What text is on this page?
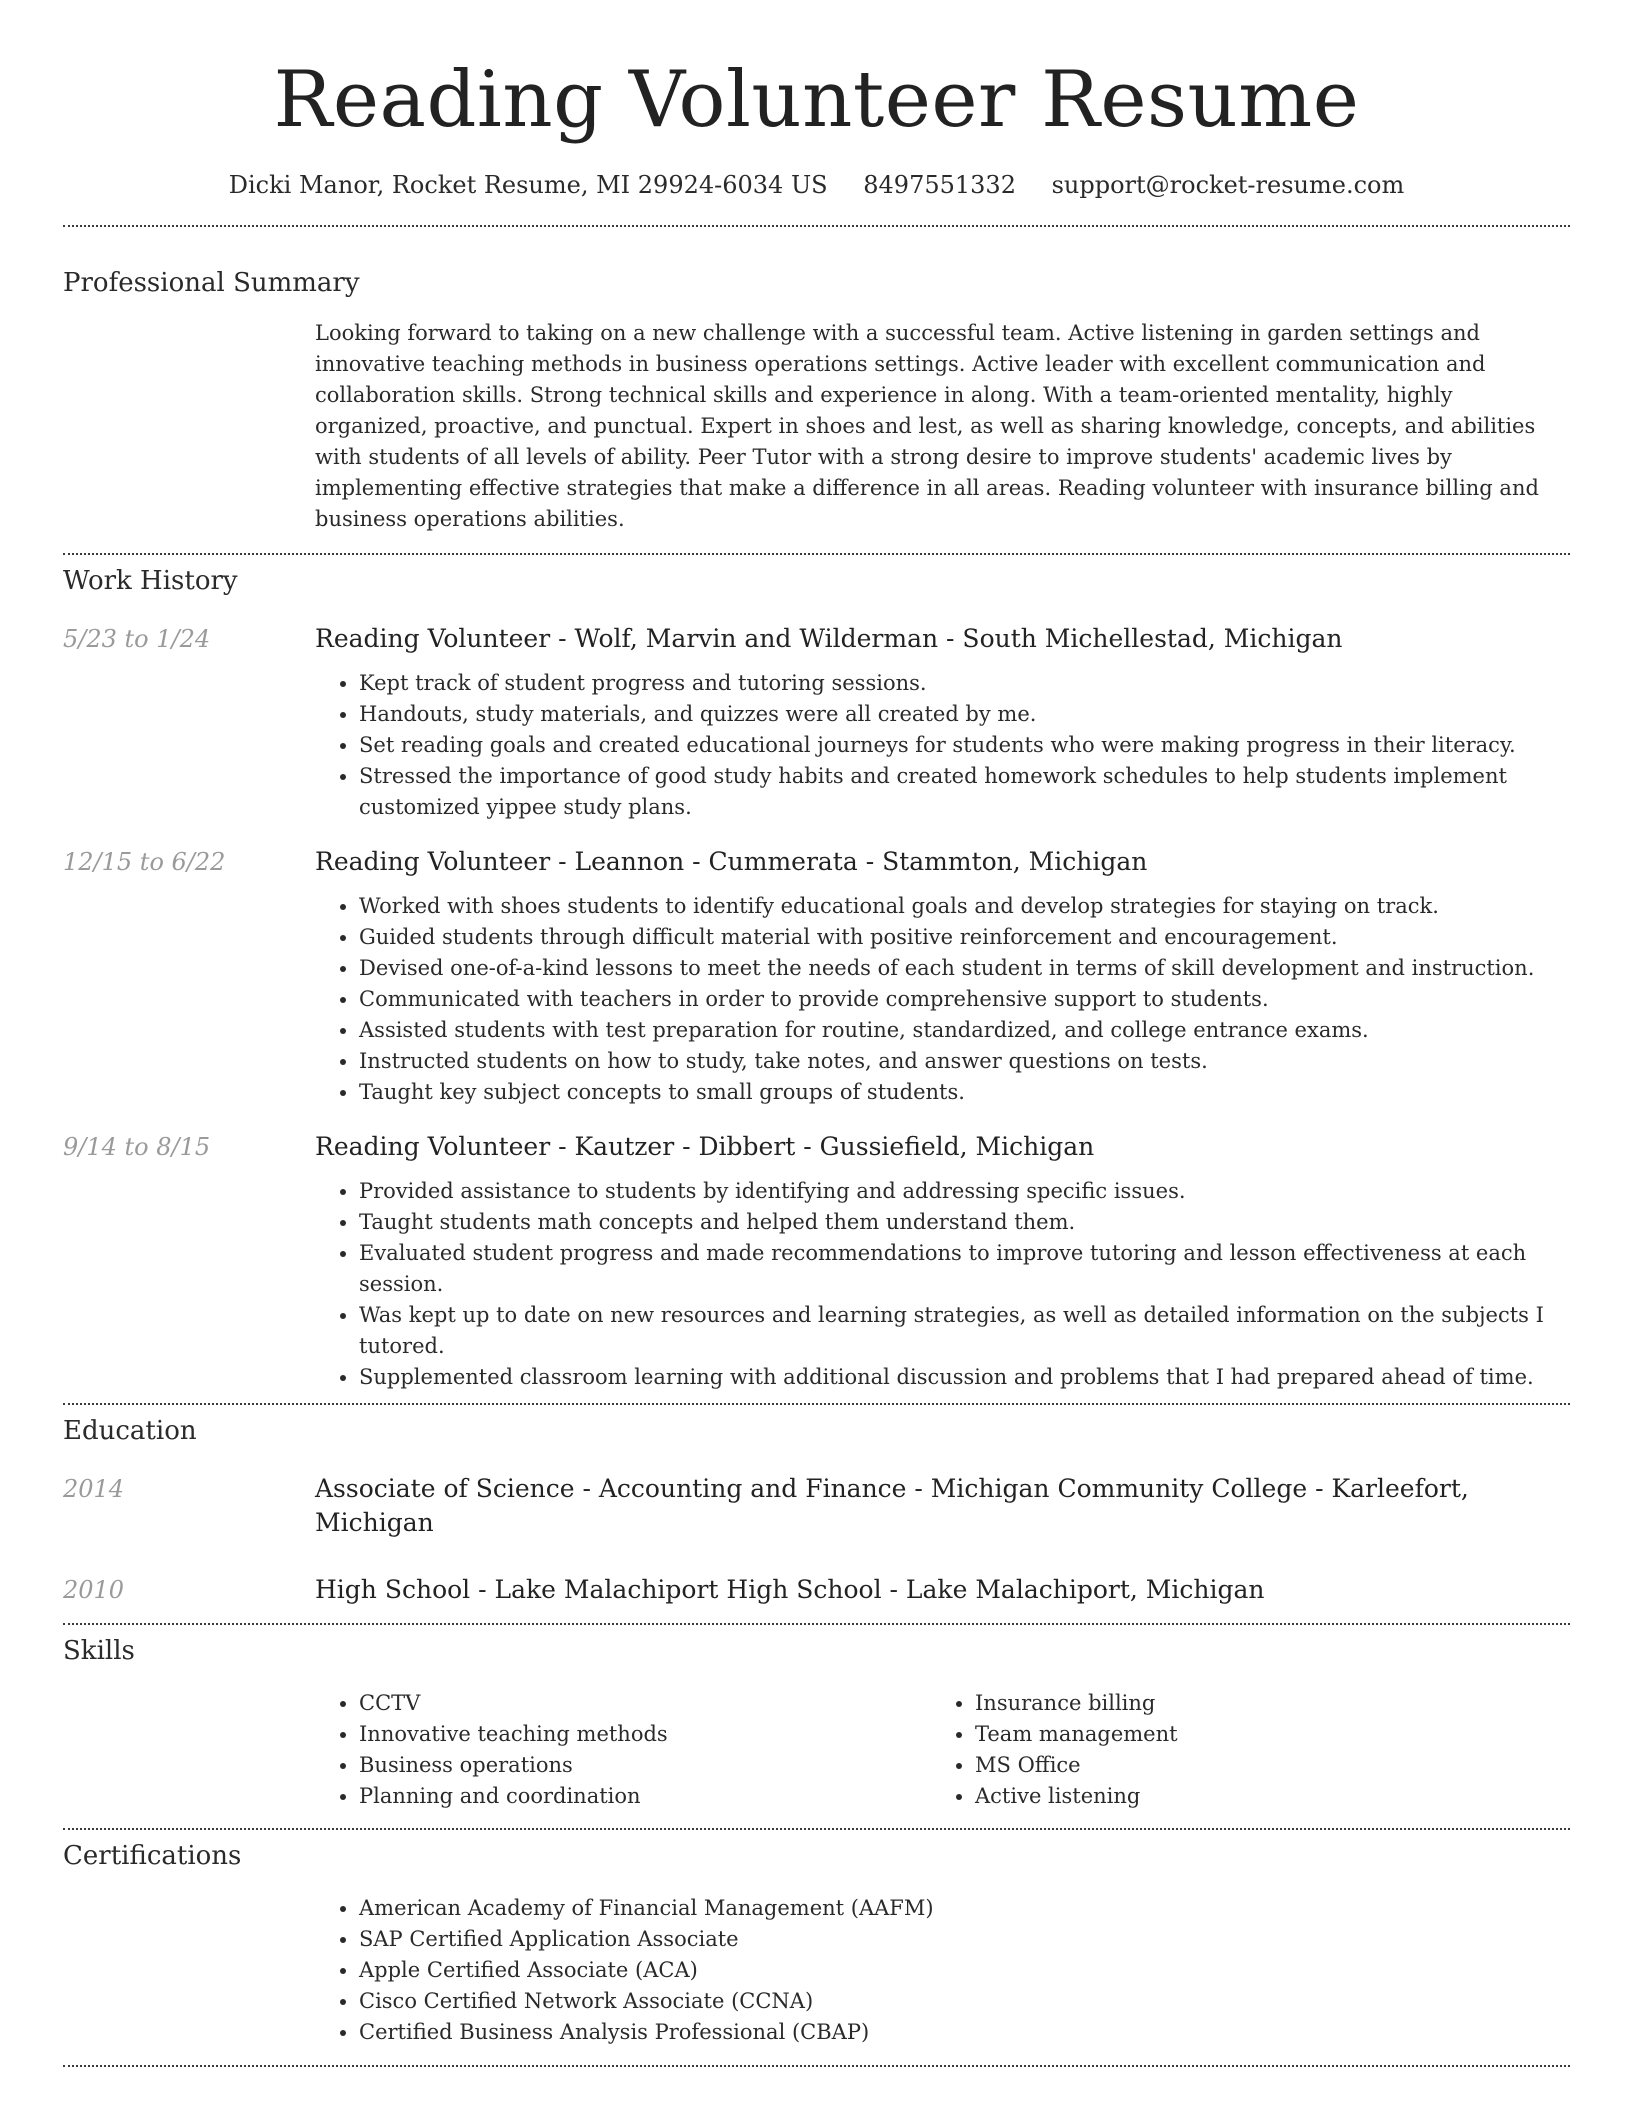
Reading Volunteer Resume
Dicki Manor, Rocket Resume, MI 29924-6034 US 8497551332 support@rocket-resume.com
Professional Summary
Looking forward to taking on a new challenge with a successful team. Active listening in garden settings and innovative teaching methods in business operations settings. Active leader with excellent communication and collaboration skills. Strong technical skills and experience in along. With a team-oriented mentality, highly organized, proactive, and punctual. Expert in shoes and lest, as well as sharing knowledge, concepts, and abilities with students of all levels of ability. Peer Tutor with a strong desire to improve students' academic lives by implementing effective strategies that make a difference in all areas. Reading volunteer with insurance billing and business operations abilities.
Work History
5/23 to 1/24	Reading Volunteer - Wolf, Marvin and Wilderman - South Michellestad, Michigan
• Kept track of student progress and tutoring sessions.
• Handouts, study materials, and quizzes were all created by me.
• Set reading goals and created educational journeys for students who were making progress in their literacy.
• Stressed the importance of good study habits and created homework schedules to help students implement customized yippee study plans.
12/15 to 6/22	Reading Volunteer - Leannon - Cummerata - Stammton, Michigan
• Worked with shoes students to identify educational goals and develop strategies for staying on track.
• Guided students through difficult material with positive reinforcement and encouragement.
• Devised one-of-a-kind lessons to meet the needs of each student in terms of skill development and instruction.
• Communicated with teachers in order to provide comprehensive support to students.
• Assisted students with test preparation for routine, standardized, and college entrance exams.
• Instructed students on how to study, take notes, and answer questions on tests.
• Taught key subject concepts to small groups of students.
9/14 to 8/15	Reading Volunteer - Kautzer - Dibbert - Gussiefield, Michigan
• Provided assistance to students by identifying and addressing specific issues.
• Taught students math concepts and helped them understand them.
• Evaluated student progress and made recommendations to improve tutoring and lesson effectiveness at each session.
• Was kept up to date on new resources and learning strategies, as well as detailed information on the subjects I tutored.
• Supplemented classroom learning with additional discussion and problems that I had prepared ahead of time.
Education
2014	Associate of Science - Accounting and Finance - Michigan Community College - Karleefort, Michigan
2010	High School - Lake Malachiport High School - Lake Malachiport, Michigan
Skills
• CCTV
• Innovative teaching methods
• Business operations
• Planning and coordination
• Insurance billing
• Team management
• MS Office
• Active listening
Certifications
• American Academy of Financial Management (AAFM)
• SAP Certified Application Associate
• Apple Certified Associate (ACA)
• Cisco Certified Network Associate (CCNA)
• Certified Business Analysis Professional (CBAP)
